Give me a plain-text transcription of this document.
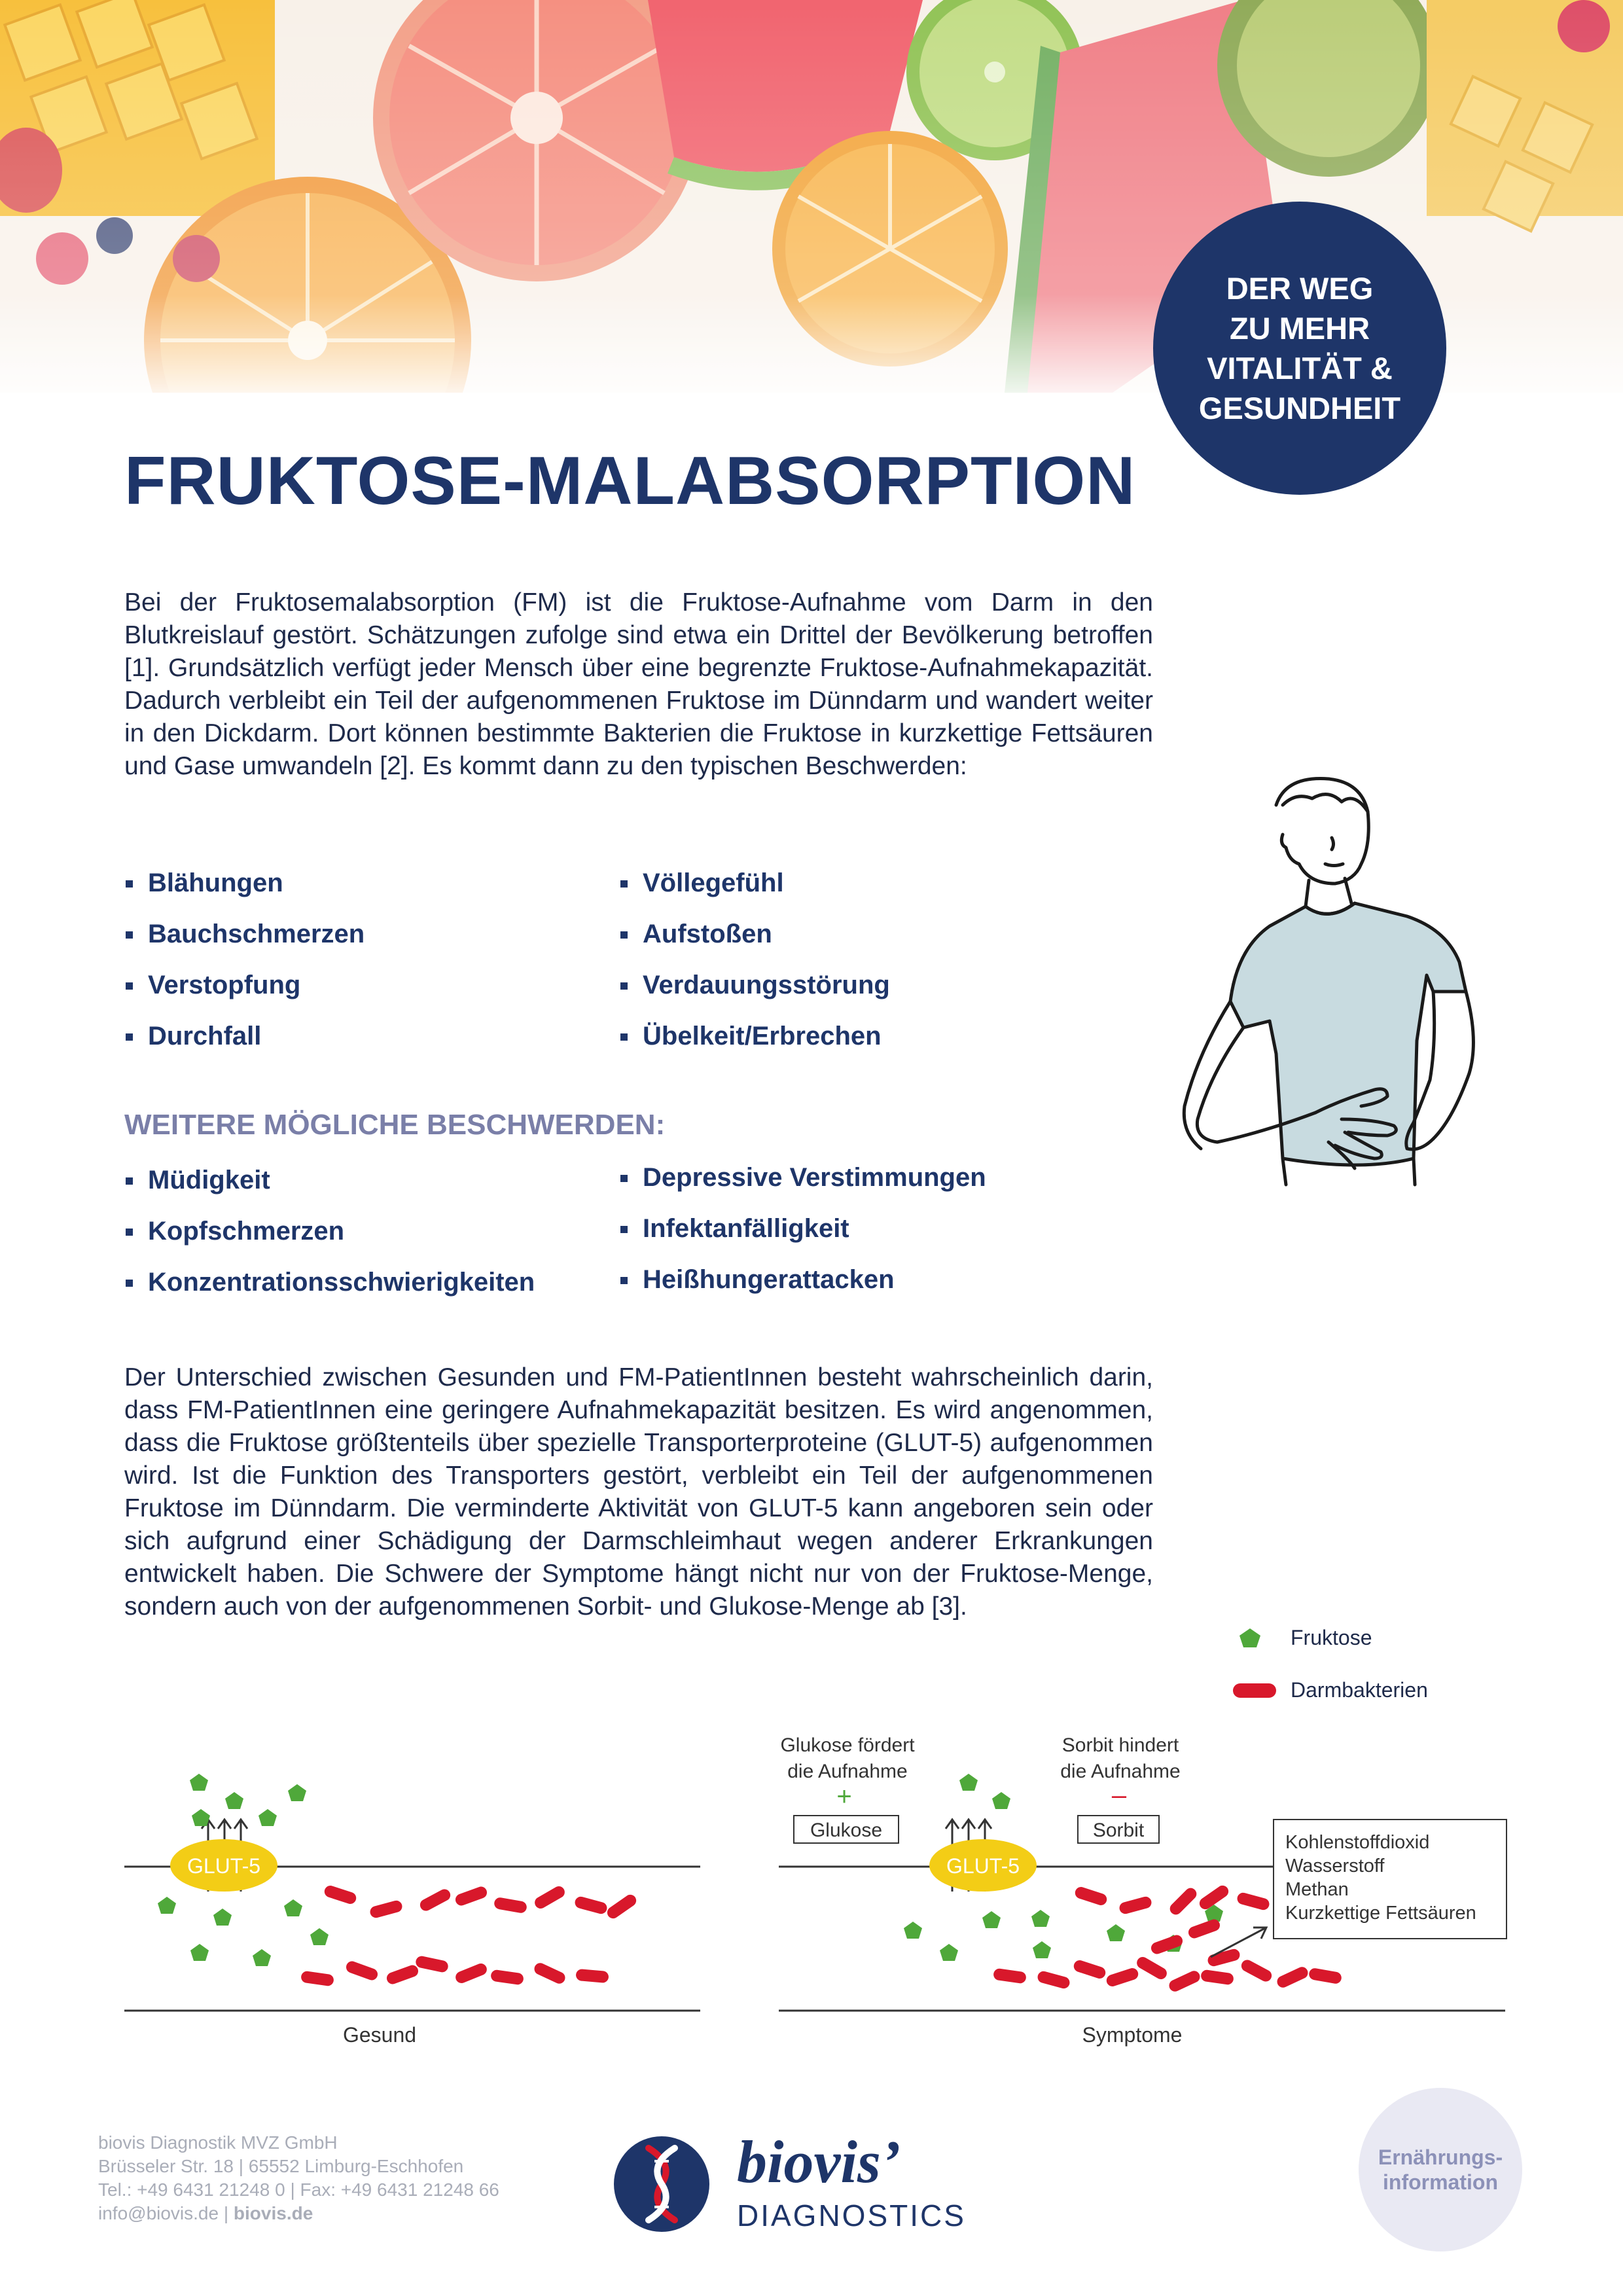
DER WEG
ZU MEHR
VITALITÄT &
GESUNDHEIT
FRUKTOSE-MALABSORPTION
Bei der Fruktosemalabsorption (FM) ist die Fruktose-Aufnahme vom Darm in den Blutkreislauf gestört. Schätzungen zufolge sind etwa ein Drittel der Bevölkerung betroffen [1]. Grundsätzlich verfügt jeder Mensch über eine begrenzte Fruktose-Aufnahmekapazität. Dadurch verbleibt ein Teil der aufgenommenen Fruktose im Dünndarm und wandert weiter in den Dickdarm. Dort können bestimmte Bakterien die Fruktose in kurzkettige Fettsäuren und Gase umwandeln [2]. Es kommt dann zu den typischen Beschwerden:
Blähungen
Bauchschmerzen
Verstopfung
Durchfall
Völlegefühl
Aufstoßen
Verdauungsstörung
Übelkeit/Erbrechen
WEITERE MÖGLICHE BESCHWERDEN:
Müdigkeit
Kopfschmerzen
Konzentrationsschwierigkeiten
Depressive Verstimmungen
Infektanfälligkeit
Heißhungerattacken
Der Unterschied zwischen Gesunden und FM-PatientInnen besteht wahrscheinlich darin, dass FM-PatientInnen eine geringere Aufnahmekapazität besitzen. Es wird angenommen, dass die Fruktose größtenteils über spezielle Transporterproteine (GLUT-5) aufgenommen wird. Ist die Funktion des Transporters gestört, verbleibt ein Teil der aufgenommenen Fruktose im Dünndarm. Die verminderte Aktivität von GLUT-5 kann angeboren sein oder sich aufgrund einer Schädigung der Darmschleimhaut wegen anderer Erkrankungen entwickelt haben. Die Schwere der Symptome hängt nicht nur von der Fruktose-Menge, sondern auch von der aufgenommenen Sorbit- und Glukose-Menge ab [3].
Fruktose
Darmbakterien
GLUT-5
Gesund
Glukose fördert
die Aufnahme
+
Glukose
Sorbit hindert
die Aufnahme
–
Sorbit
GLUT-5
Kohlenstoffdioxid
Wasserstoff
Methan
Kurzkettige Fettsäuren
Symptome
biovis Diagnostik MVZ GmbH
Brüsseler Str. 18 | 65552 Limburg-Eschhofen
Tel.: +49 6431 21248 0 | Fax: +49 6431 21248 66
info@biovis.de | biovis.de
biovis’
DIAGNOSTICS
Ernährungs-
information
